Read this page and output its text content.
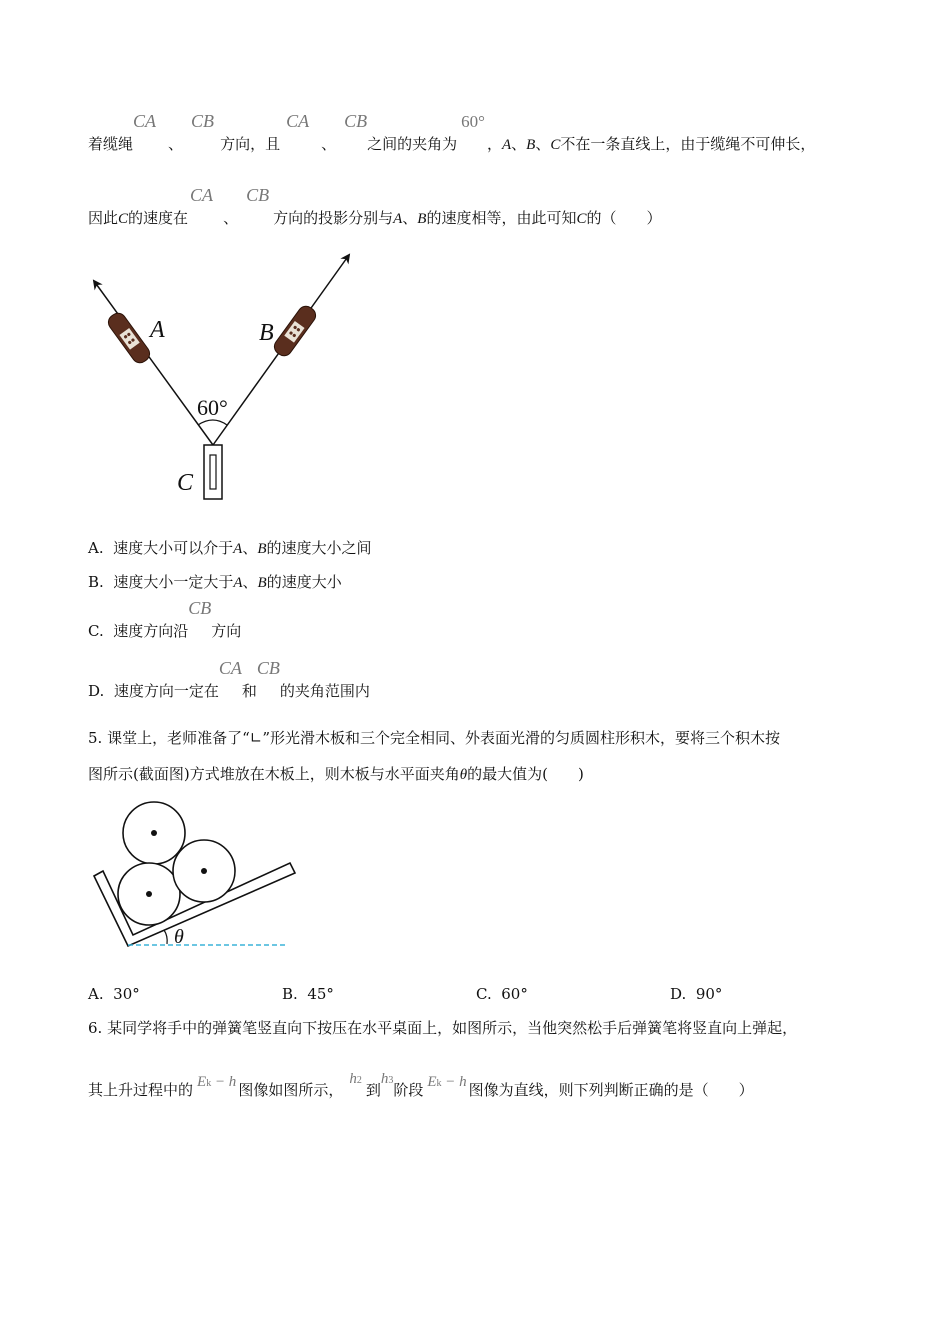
着缆绳CA、CB方向，且CA、CB之间的夹角为60°，A、B、C不在一条直线上，由于缆绳不可伸长，
因此C的速度在CA、CB方向的投影分别与A、B的速度相等，由此可知C的（　　）
60°
A	B
C
A. 速度大小可以介于A、B的速度大小之间
B. 速度大小一定大于A、B的速度大小
C. 速度方向沿CB方向
D. 速度方向一定在CA和CB的夹角范围内
5. 课堂上，老师准备了“∟”形光滑木板和三个完全相同、外表面光滑的匀质圆柱形积木，要将三个积木按
图所示(截面图)方式堆放在木板上，则木板与水平面夹角θ的最大值为(　　)
θ
A. 30°	B. 45°	C. 60°	D. 90°
6. 某同学将手中的弹簧笔竖直向下按压在水平桌面上，如图所示，当他突然松手后弹簧笔将竖直向上弹起，
其上升过程中的 Ek − h 图像如图所示，h2到h3阶段 Ek − h 图像为直线，则下列判断正确的是（　　）
